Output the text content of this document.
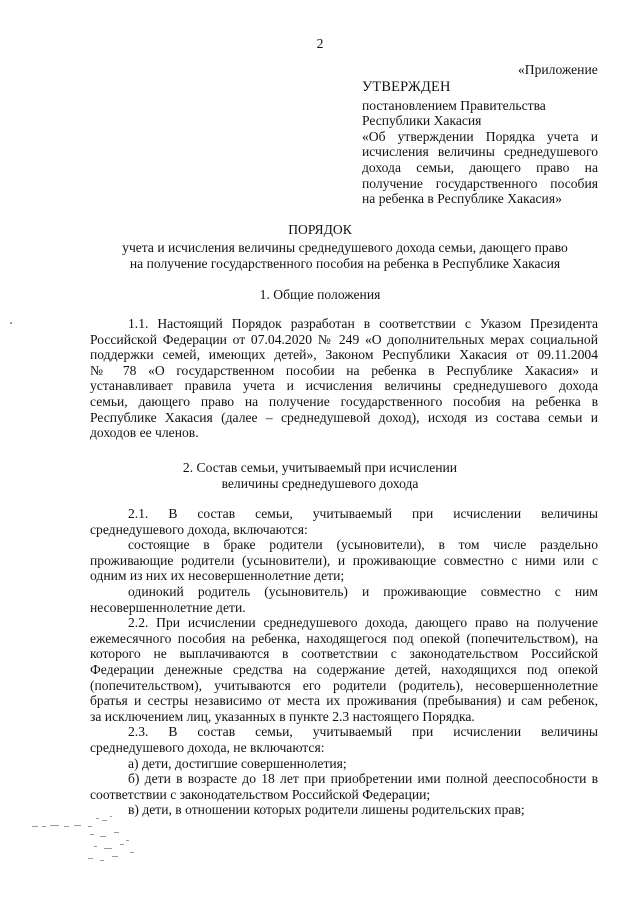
2
«Приложение
УТВЕРЖДЕН
постановлением Правительства
Республики Хакасия
«Об утверждении Порядка учета и
исчисления величины среднедушевого
дохода семьи, дающего право на
получение государственного пособия
на ребенка в Республике Хакасия»
ПОРЯДОК
учета и исчисления величины среднедушевого дохода семьи, дающего право
на получение государственного пособия на ребенка в Республике Хакасия
1. Общие положения
1.1. Настоящий Порядок разработан в соответствии с Указом Президента
Российской Федерации от 07.04.2020 № 249 «О дополнительных мерах социальной
поддержки семей, имеющих детей», Законом Республики Хакасия от 09.11.2004
№ 78 «О государственном пособии на ребенка в Республике Хакасия» и
устанавливает правила учета и исчисления величины среднедушевого дохода
семьи, дающего право на получение государственного пособия на ребенка в
Республике Хакасия (далее – среднедушевой доход), исходя из состава семьи и
доходов ее членов.
2. Состав семьи, учитываемый при исчислении
величины среднедушевого дохода
2.1. В состав семьи, учитываемый при исчислении величины
среднедушевого дохода, включаются:
состоящие в браке родители (усыновители), в том числе раздельно
проживающие родители (усыновители), и проживающие совместно с ними или с
одним из них их несовершеннолетние дети;
одинокий родитель (усыновитель) и проживающие совместно с ним
несовершеннолетние дети.
2.2. При исчислении среднедушевого дохода, дающего право на получение
ежемесячного пособия на ребенка, находящегося под опекой (попечительством), на
которого не выплачиваются в соответствии с законодательством Российской
Федерации денежные средства на содержание детей, находящихся под опекой
(попечительством), учитываются его родители (родитель), несовершеннолетние
братья и сестры независимо от места их проживания (пребывания) и сам ребенок,
за исключением лиц, указанных в пункте 2.3 настоящего Порядка.
2.3. В состав семьи, учитываемый при исчислении величины
среднедушевого дохода, не включаются:
а) дети, достигшие совершеннолетия;
б) дети в возрасте до 18 лет при приобретении ими полной дееспособности в
соответствии с законодательством Российской Федерации;
в) дети, в отношении которых родители лишены родительских прав;
